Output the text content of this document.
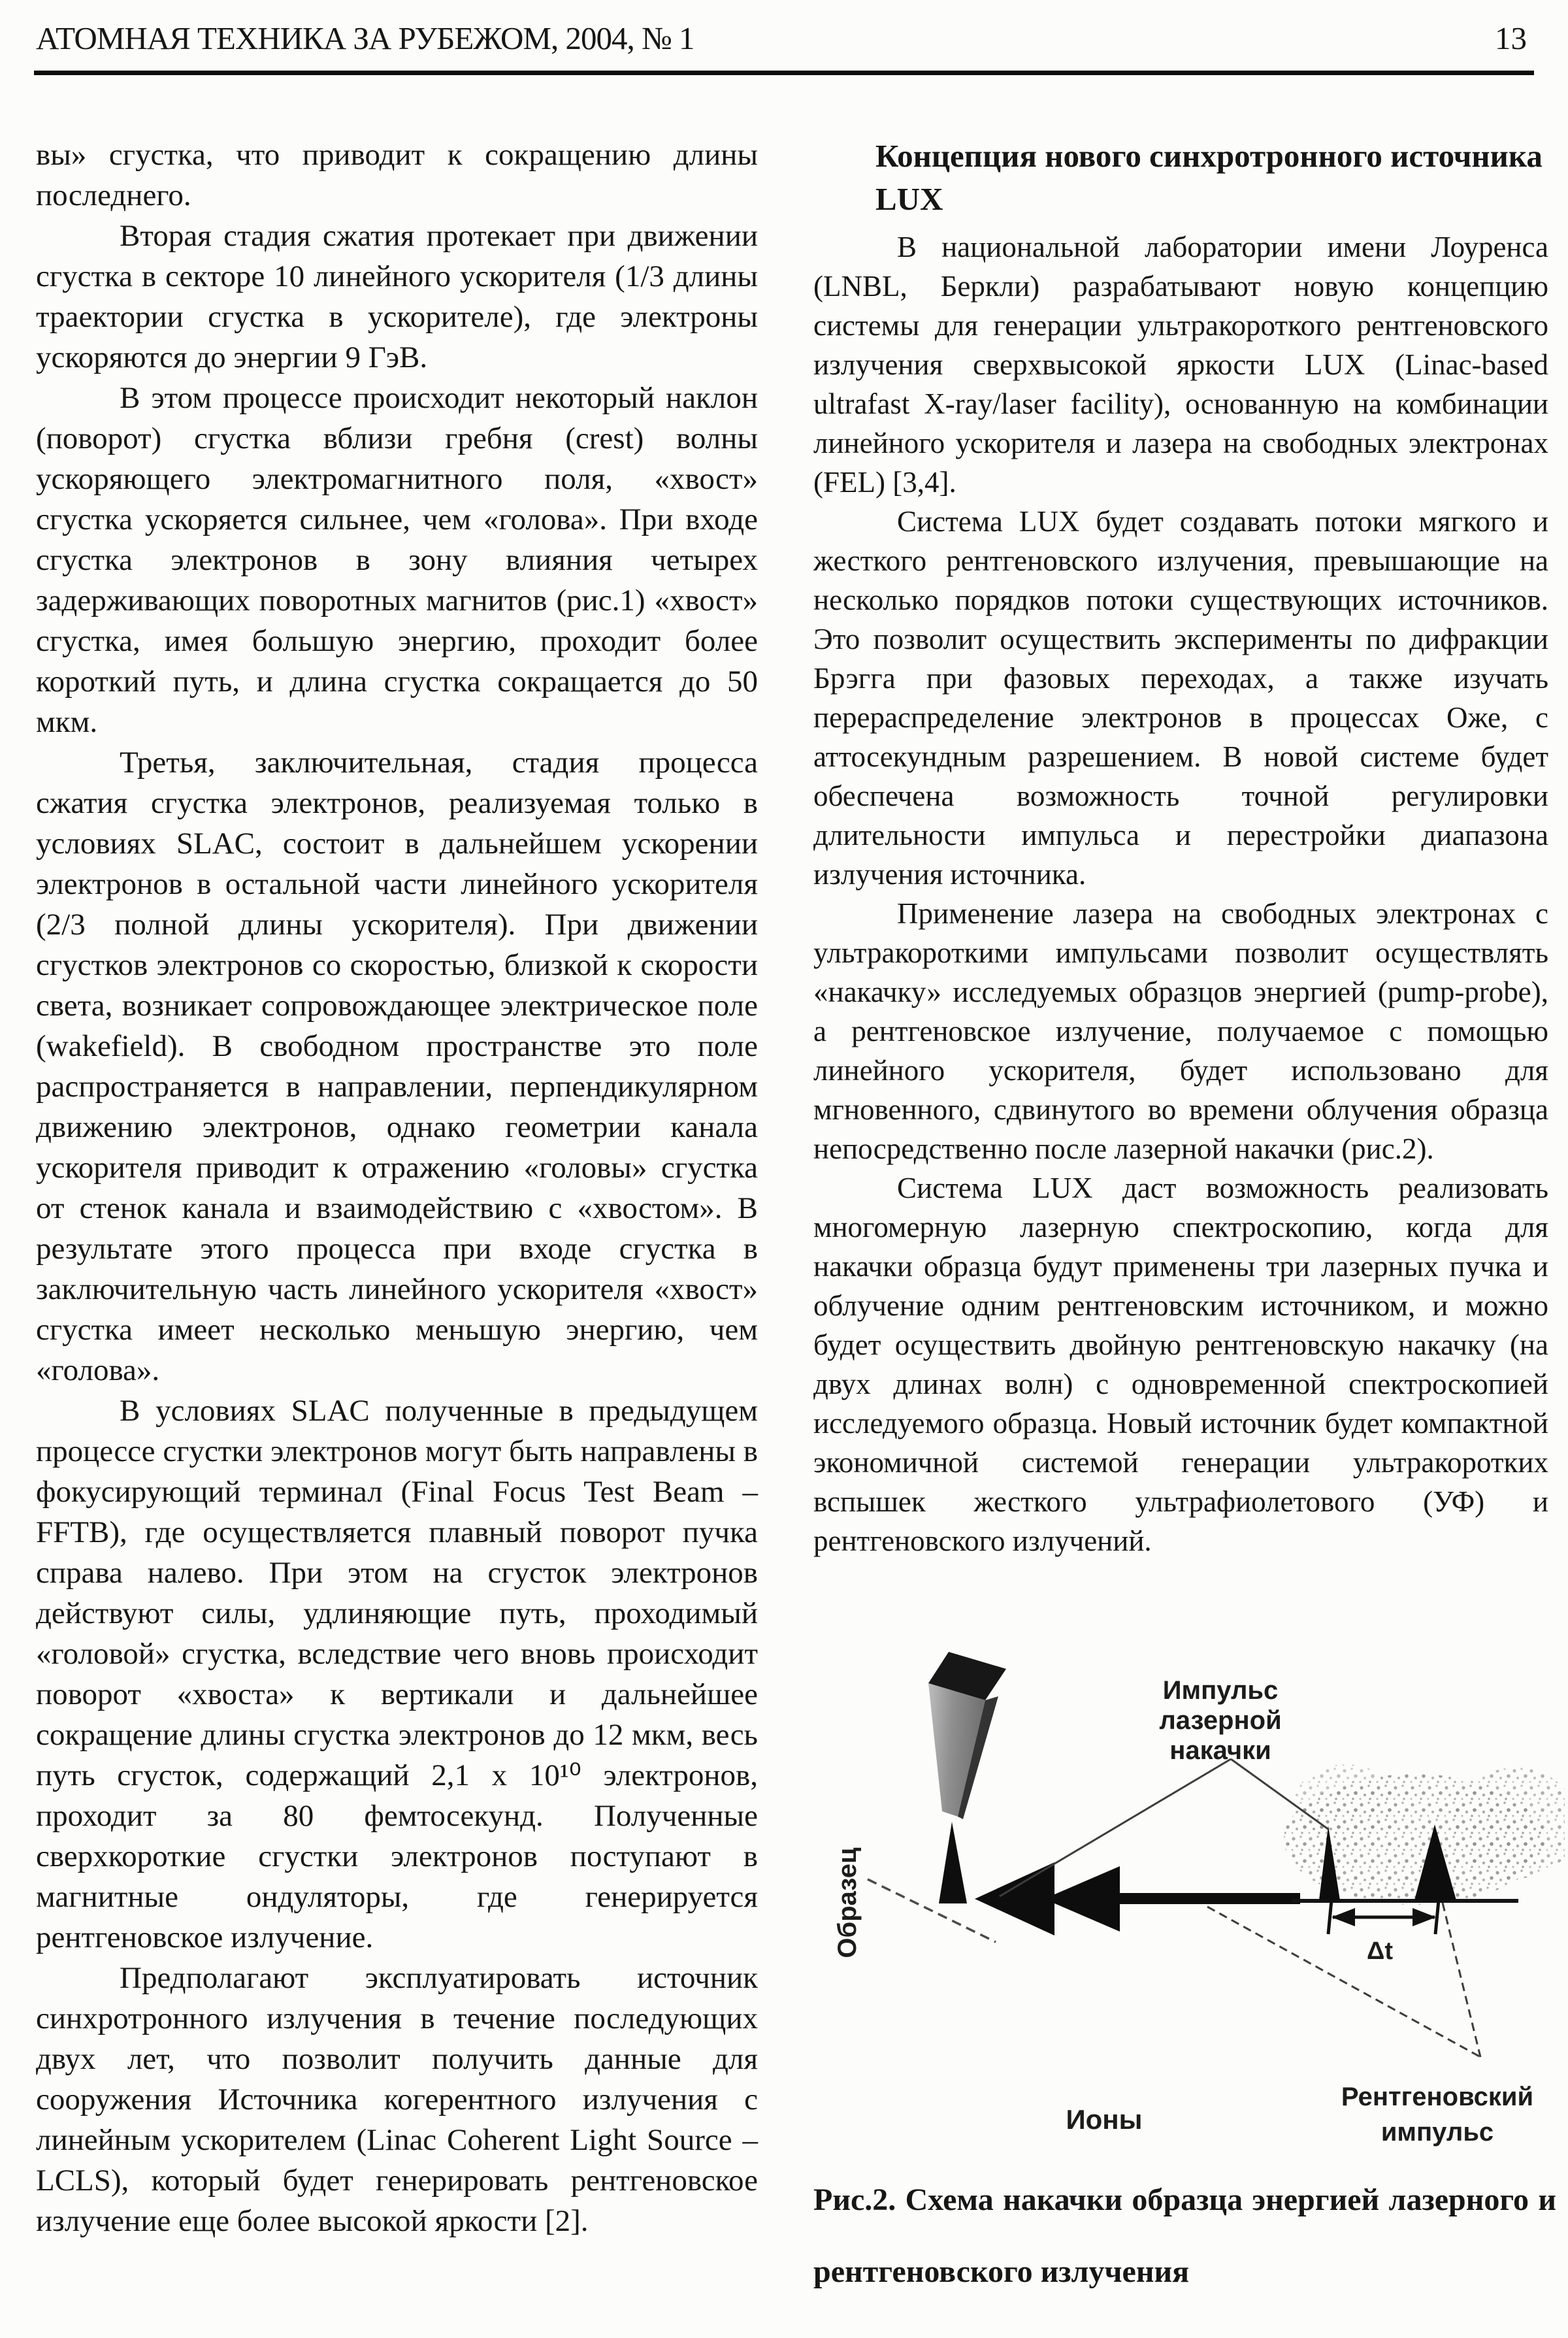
АТОМНАЯ ТЕХНИКА ЗА РУБЕЖОМ, 2004, № 1	13

вы» сгустка, что приводит к сокращению длины последнего.

Вторая стадия сжатия протекает при движении сгустка в секторе 10 линейного ускорителя (1/3 длины траектории сгустка в ускорителе), где электроны ускоряются до энергии 9 ГэВ.

В этом процессе происходит некоторый наклон (поворот) сгустка вблизи гребня (crest) волны ускоряющего электромагнитного поля, «хвост» сгустка ускоряется сильнее, чем «голова». При входе сгустка электронов в зону влияния четырех задерживающих поворотных магнитов (рис.1) «хвост» сгустка, имея большую энергию, проходит более короткий путь, и длина сгустка сокращается до 50 мкм.

Третья, заключительная, стадия процесса сжатия сгустка электронов, реализуемая только в условиях SLAC, состоит в дальнейшем ускорении электронов в остальной части линейного ускорителя (2/3 полной длины ускорителя). При движении сгустков электронов со скоростью, близкой к скорости света, возникает сопровождающее электрическое поле (wakefield). В свободном пространстве это поле распространяется в направлении, перпендикулярном движению электронов, однако геометрии канала ускорителя приводит к отражению «головы» сгустка от стенок канала и взаимодействию с «хвостом». В результате этого процесса при входе сгустка в заключительную часть линейного ускорителя «хвост» сгустка имеет несколько меньшую энергию, чем «голова».

В условиях SLAC полученные в предыдущем процессе сгустки электронов могут быть направлены в фокусирующий терминал (Final Focus Test Beam – FFTB), где осуществляется плавный поворот пучка справа налево. При этом на сгусток электронов действуют силы, удлиняющие путь, проходимый «головой» сгустка, вследствие чего вновь происходит поворот «хвоста» к вертикали и дальнейшее сокращение длины сгустка электронов до 12 мкм, весь путь сгусток, содержащий 2,1 х 10¹⁰ электронов, проходит за 80 фемтосекунд. Полученные сверхкороткие сгустки электронов поступают в магнитные ондуляторы, где генерируется рентгеновское излучение.

Предполагают эксплуатировать источник синхротронного излучения в течение последующих двух лет, что позволит получить данные для сооружения Источника когерентного излучения с линейным ускорителем (Linac Coherent Light Source – LCLS), который будет генерировать рентгеновское излучение еще более высокой яркости [2].

Концепция нового синхротронного источника LUX

В национальной лаборатории имени Лоуренса (LNBL, Беркли) разрабатывают новую концепцию системы для генерации ультракороткого рентгеновского излучения сверхвысокой яркости LUX (Linac-based ultrafast X-ray/laser facility), основанную на комбинации линейного ускорителя и лазера на свободных электронах (FEL) [3,4].

Система LUX будет создавать потоки мягкого и жесткого рентгеновского излучения, превышающие на несколько порядков потоки существующих источников. Это позволит осуществить эксперименты по дифракции Брэгга при фазовых переходах, а также изучать перераспределение электронов в процессах Оже, с аттосекундным разрешением. В новой системе будет обеспечена возможность точной регулировки длительности импульса и перестройки диапазона излучения источника.

Применение лазера на свободных электронах с ультракороткими импульсами позволит осуществлять «накачку» исследуемых образцов энергией (pump-probe), а рентгеновское излучение, получаемое с помощью линейного ускорителя, будет использовано для мгновенного, сдвинутого во времени облучения образца непосредственно после лазерной накачки (рис.2).

Система LUX даст возможность реализовать многомерную лазерную спектроскопию, когда для накачки образца будут применены три лазерных пучка и облучение одним рентгеновским источником, и можно будет осуществить двойную рентгеновскую накачку (на двух длинах волн) с одновременной спектроскопией исследуемого образца. Новый источник будет компактной экономичной системой генерации ультракоротких вспышек жесткого ультрафиолетового (УФ) и рентгеновского излучений.

Импульс
лазерной
накачки
Δt
Образец
Ионы
Рентгеновский
импульс
Рис.2. Схема накачки образца энергией лазерного и рентгеновского излучения
